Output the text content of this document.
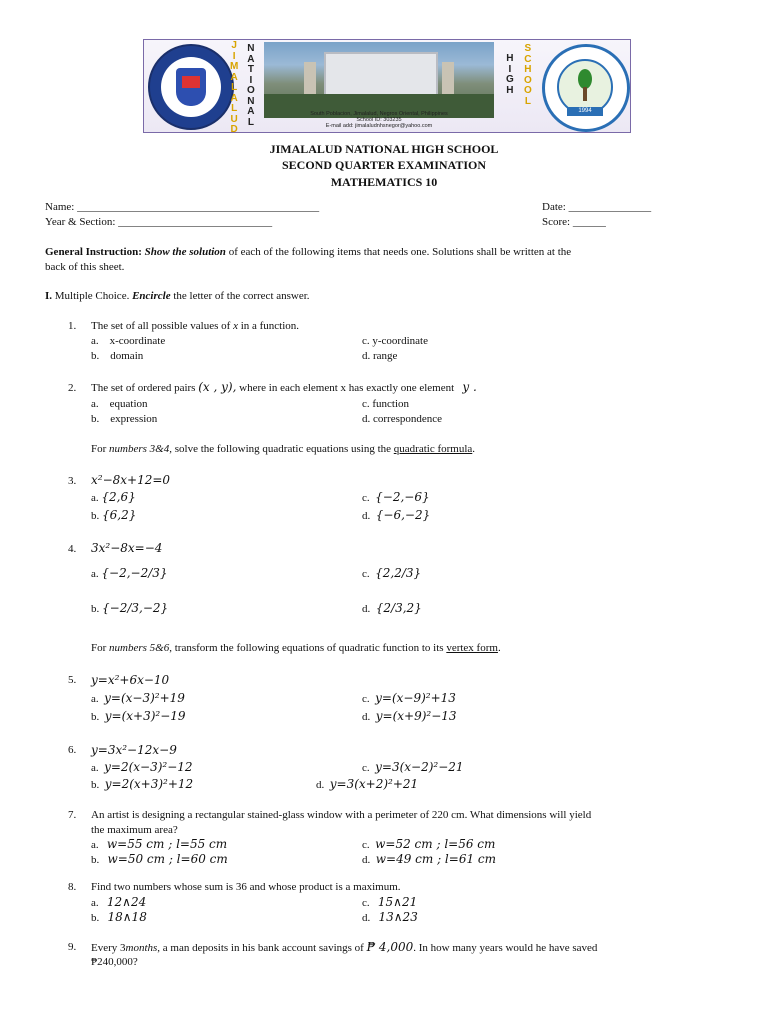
J
I
M
A
L
A
L
U
D
N
A
T
I
O
N
A
L
South Poblacion, Jimalalud, Negros Oriental, Philippines
School ID: 303235
E-mail add: jimalaludnhsnegor@yahoo.com
H
I
G
H
S
C
H
O
O
L
1994
JIMALALUD NATIONAL HIGH SCHOOL
SECOND QUARTER EXAMINATION
MATHEMATICS 10
Name: ____________________________________________	Date: _______________
Year & Section: ____________________________	Score: ______
General Instruction: Show the solution of each of the following items that needs one. Solutions shall be written at the
back of this sheet.
I. Multiple Choice. Encircle the letter of the correct answer.
1. The set of all possible values of x in a function.
a. x-coordinate
b. domain
c. y-coordinate
d. range
2. The set of ordered pairs (x , y), where in each element x has exactly one element y .
a. equation
b. expression
c. function
d. correspondence
For numbers 3&4, solve the following quadratic equations using the quadratic formula.
3. x²−8x+12=0
a. {2,6}
b. {6,2}
c. {−2,−6}
d. {−6,−2}
4. 3x²−8x=−4
a. {−2,−2/3}
b. {−2/3,−2}
c. {2,2/3}
d. {2/3,2}
For numbers 5&6, transform the following equations of quadratic function to its vertex form.
5. y=x²+6x−10
a. y=(x−3)²+19
b. y=(x+3)²−19
c. y=(x−9)²+13
d. y=(x+9)²−13
6. y=3x²−12x−9
a. y=2(x−3)²−12
b. y=2(x+3)²+12
c. y=3(x−2)²−21
d. y=3(x+2)²+21
7. An artist is designing a rectangular stained-glass window with a perimeter of 220 cm. What dimensions will yield
the maximum area?
a. w=55 cm ; l=55 cm
b. w=50 cm ; l=60 cm
c. w=52 cm ; l=56 cm
d. w=49 cm ; l=61 cm
8. Find two numbers whose sum is 36 and whose product is a maximum.
a. 12∧24
b. 18∧18
c. 15∧21
d. 13∧23
9. Every 3months, a man deposits in his bank account savings of ₱ 4,000. In how many years would he have saved
₱240,000?
